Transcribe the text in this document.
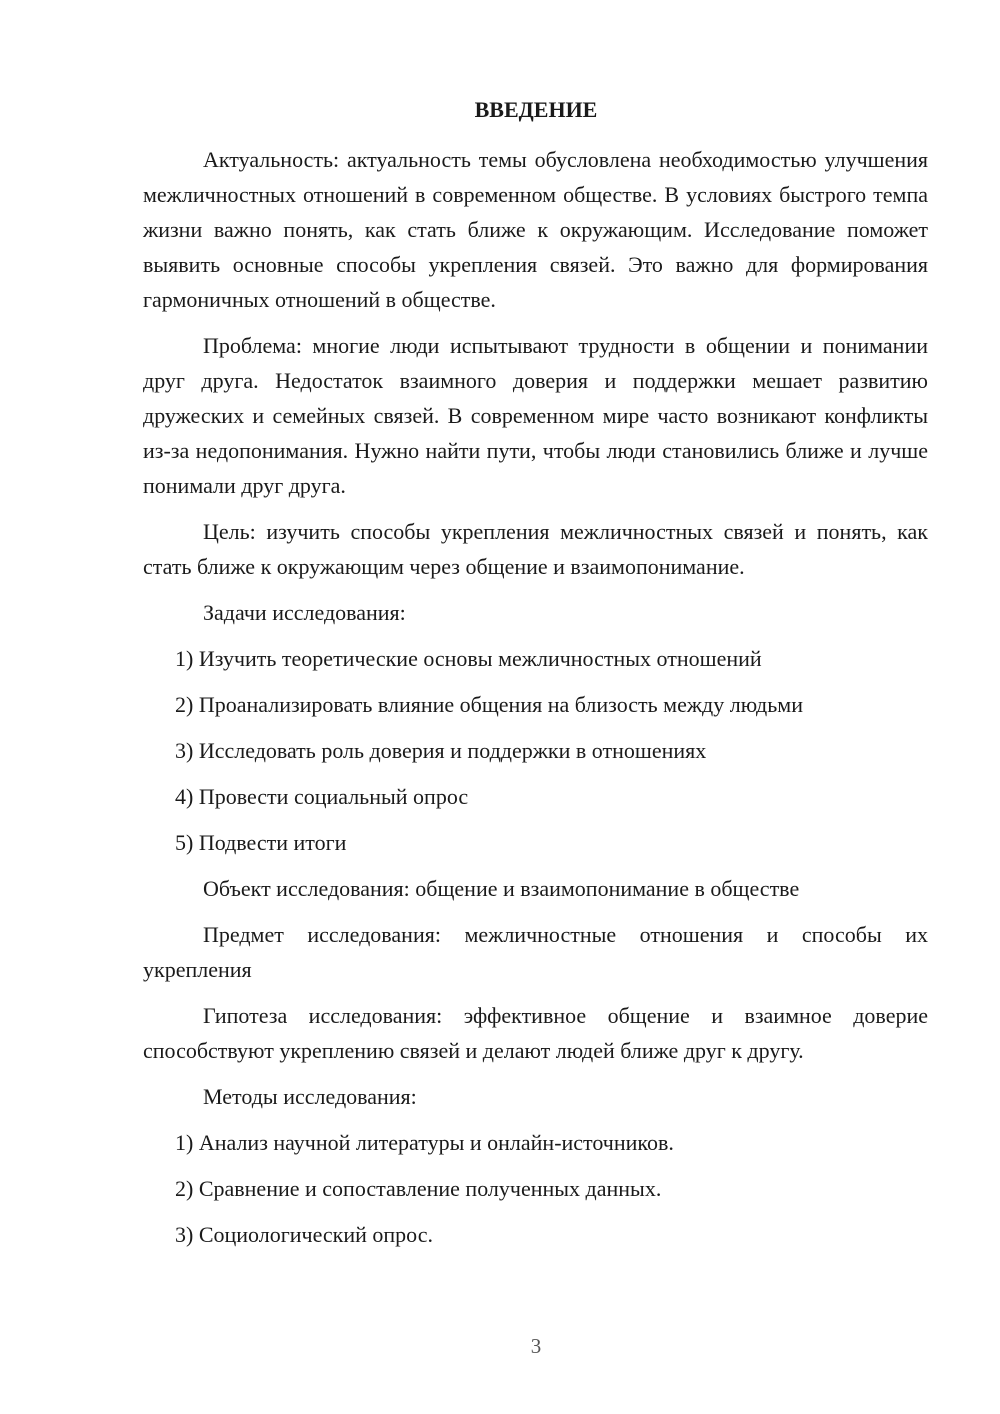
ВВЕДЕНИЕ

Актуальность: актуальность темы обусловлена необходимостью улучшения межличностных отношений в современном обществе. В условиях быстрого темпа жизни важно понять, как стать ближе к окружающим. Исследование поможет выявить основные способы укрепления связей. Это важно для формирования гармоничных отношений в обществе.

Проблема: многие люди испытывают трудности в общении и понимании друг друга. Недостаток взаимного доверия и поддержки мешает развитию дружеских и семейных связей. В современном мире часто возникают конфликты из-за недопонимания. Нужно найти пути, чтобы люди становились ближе и лучше понимали друг друга.

Цель: изучить способы укрепления межличностных связей и понять, как стать ближе к окружающим через общение и взаимопонимание.

Задачи исследования:

1) Изучить теоретические основы межличностных отношений

2) Проанализировать влияние общения на близость между людьми

3) Исследовать роль доверия и поддержки в отношениях

4) Провести социальный опрос

5) Подвести итоги

Объект исследования: общение и взаимопонимание в обществе

Предмет исследования: межличностные отношения и способы их укрепления

Гипотеза исследования: эффективное общение и взаимное доверие способствуют укреплению связей и делают людей ближе друг к другу.

Методы исследования:

1) Анализ научной литературы и онлайн-источников.

2) Сравнение и сопоставление полученных данных.

3) Социологический опрос.

3
